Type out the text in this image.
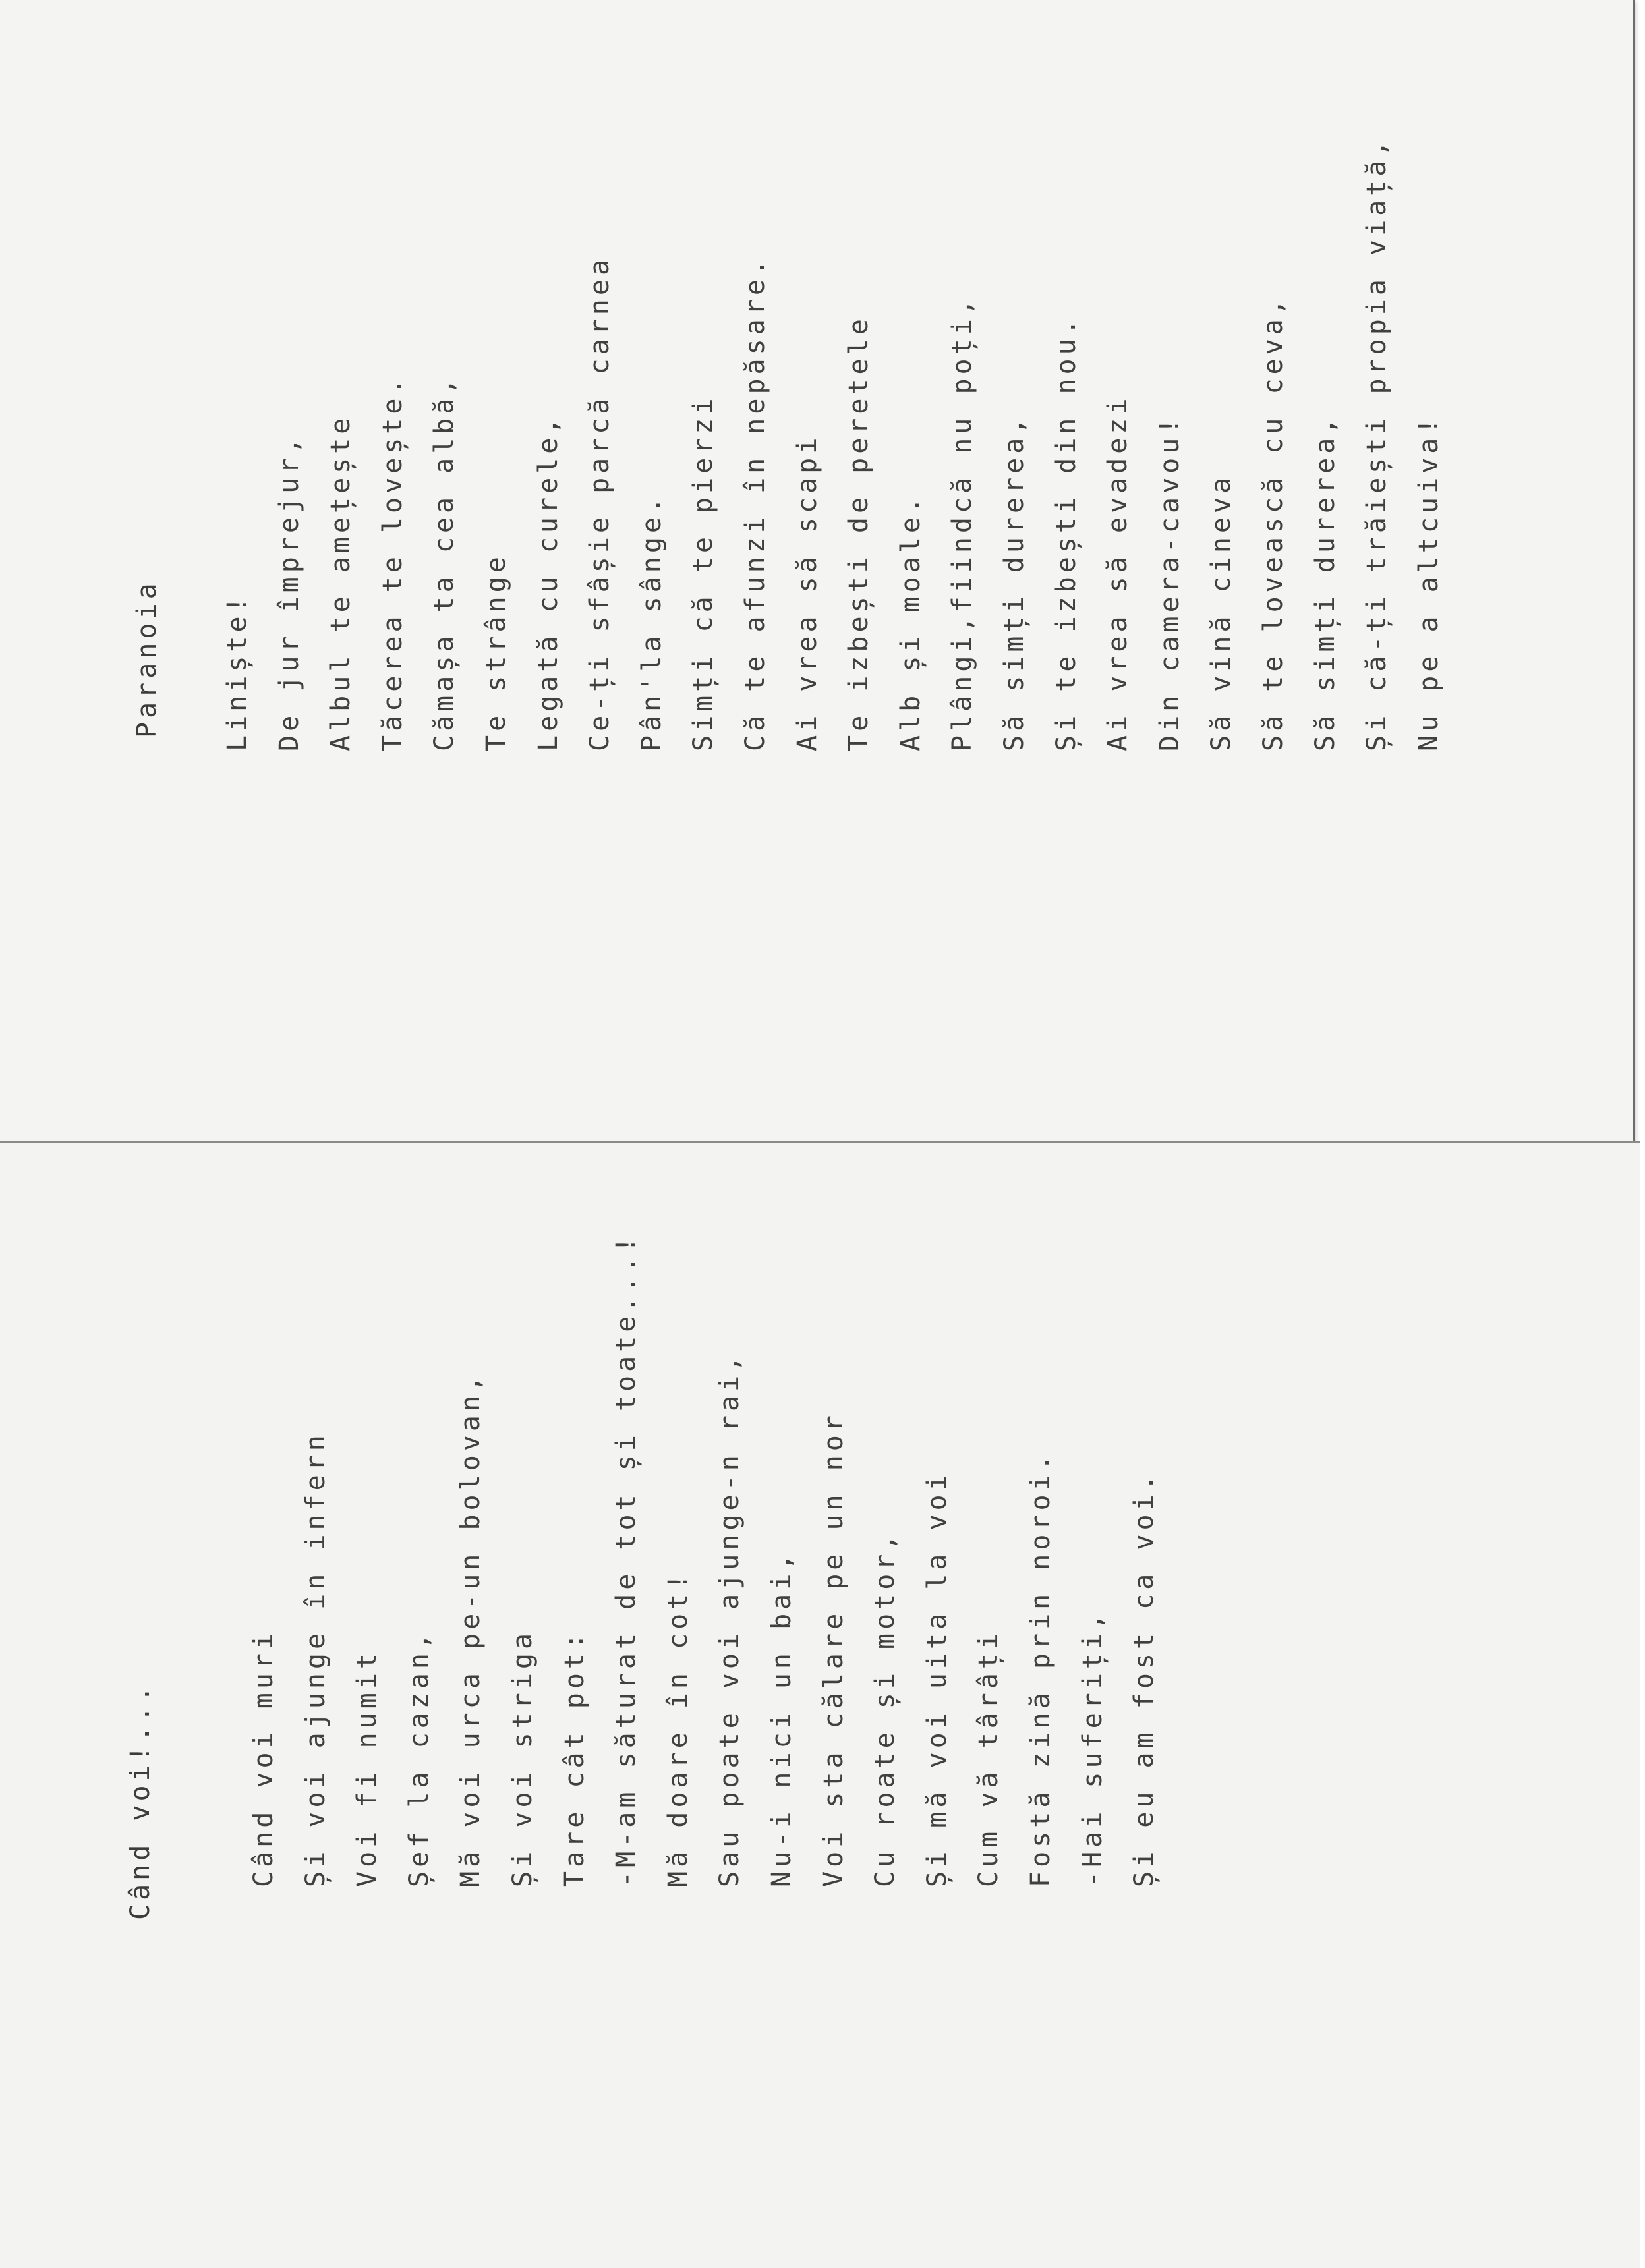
Paranoia

Liniște!

De jur împrejur,

Albul te amețește

Tăcerea te lovește.

Cămașa ta cea albă,

Te strânge

Legată cu curele,

Ce-ți sfâșie parcă carnea

Pân'la sânge.

Simți că te pierzi

Că te afunzi în nepăsare.

Ai vrea să scapi

Te izbești de peretele

Alb și moale.

Plângi,fiindcă nu poți,

Să simți durerea,

Și te izbești din nou.

Ai vrea să evadezi

Din camera-cavou!

Să vină cineva

Să te lovească cu ceva,

Să simți durerea,

Și că-ți trăiești propia viață,

Nu pe a altcuiva!

Când voi!...

	Când voi muri

Și voi ajunge în infern

Voi fi numit

Șef la cazan,

Mă voi urca pe-un bolovan,

Și voi striga

Tare cât pot:

-M-am săturat de tot și toate...!

Mă doare în cot!

Sau poate voi ajunge-n rai,

Nu-i nici un bai,

Voi sta călare pe un nor

Cu roate și motor,

Și mă voi uita la voi

Cum vă târâți

Fostă zină prin noroi.

-Hai suferiți,

Și eu am fost ca voi.
